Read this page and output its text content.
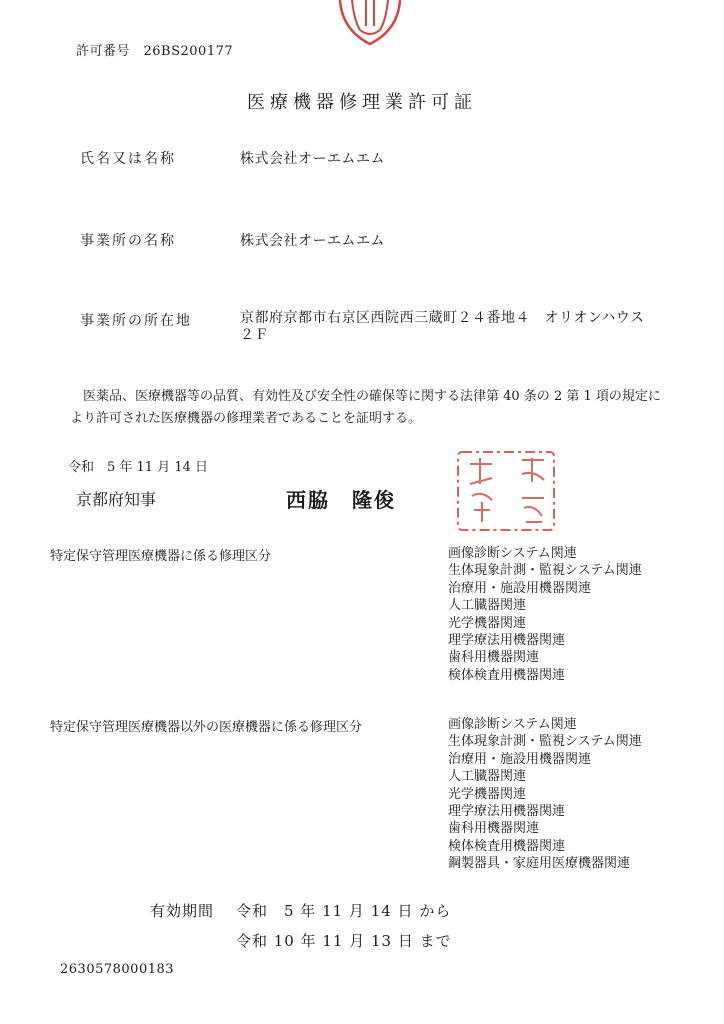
許可番号　26BS200177
医療機器修理業許可証
氏名又は名称	株式会社オーエムエム
事業所の名称	株式会社オーエムエム
事業所の所在地	京都府京都市右京区西院西三蔵町２４番地４　オリオンハウス２Ｆ
医薬品、医療機器等の品質、有効性及び安全性の確保等に関する法律第 40 条の 2 第 1 項の規定により許可された医療機器の修理業者であることを証明する。
令和　5 年 11 月 14 日
京都府知事	西脇　隆俊
特定保守管理医療機器に係る修理区分	画像診断システム関連
生体現象計測・監視システム関連
治療用・施設用機器関連
人工臓器関連
光学機器関連
理学療法用機器関連
歯科用機器関連
検体検査用機器関連
特定保守管理医療機器以外の医療機器に係る修理区分	画像診断システム関連
生体現象計測・監視システム関連
治療用・施設用機器関連
人工臓器関連
光学機器関連
理学療法用機器関連
歯科用機器関連
検体検査用機器関連
鋼製器具・家庭用医療機器関連
有効期間 令和　5 年 11 月 14 日 から
令和 10 年 11 月 13 日 まで
2630578000183
